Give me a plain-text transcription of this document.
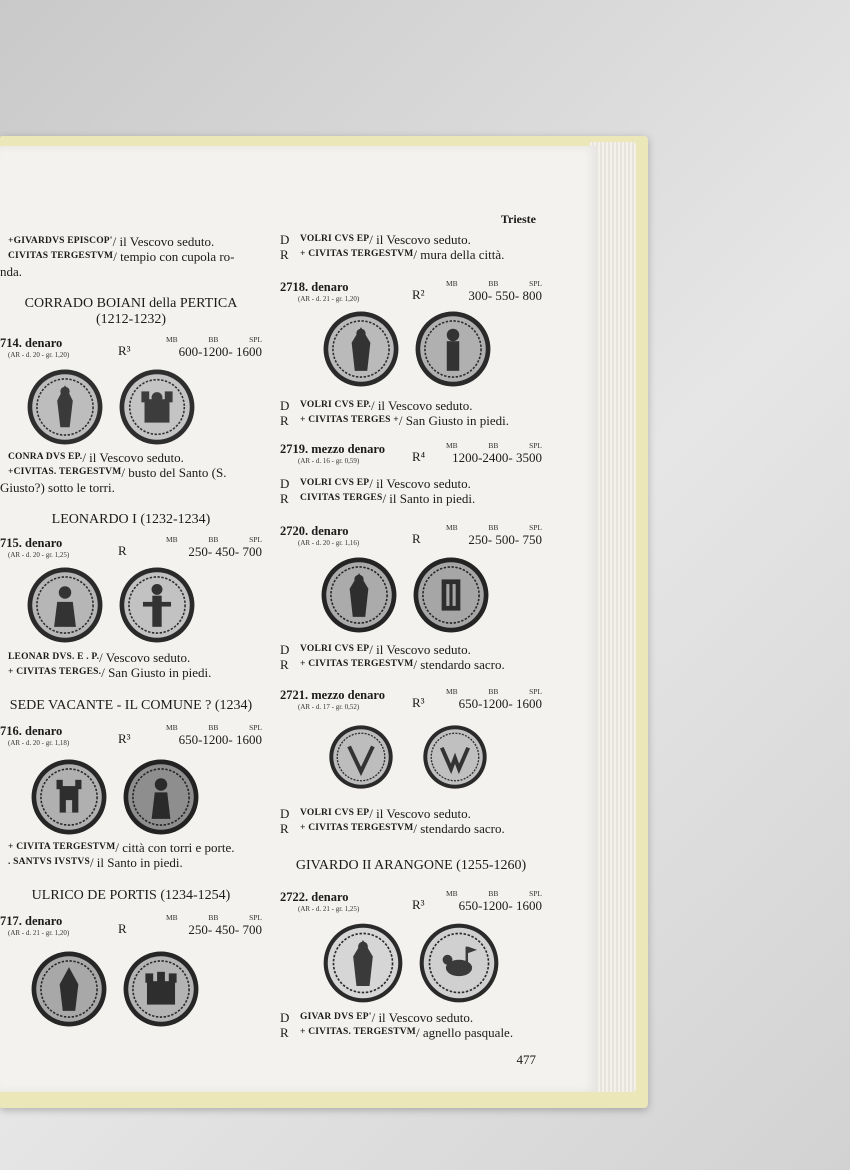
Trieste
+GIVARDVS EPISCOP' / il Vescovo seduto.
CIVITAS TERGESTVM / tempio con cupola ro-
nda.
CORRADO BOIANI della PERTICA
(1212-1232)
714. denaro
(AR - d. 20 - gr. 1,20)	R³
MB	BB	SPL
600-1200- 1600
CONRA DVS EP. / il Vescovo seduto.
+CIVITAS. TERGESTVM / busto del Santo (S.
Giusto?) sotto le torri.
LEONARDO I (1232-1234)
715. denaro
(AR - d. 20 - gr. 1,25)	R
MB	BB	SPL
250- 450- 700
LEONAR DVS. E . P. / Vescovo seduto.
+ CIVITAS TERGES. / San Giusto in piedi.
SEDE VACANTE - IL COMUNE ? (1234)
716. denaro
(AR - d. 20 - gr. 1,18)	R³
MB	BB	SPL
650-1200- 1600
+ CIVITA TERGESTVM / città con torri e porte.
. SANTVS IVSTVS / il Santo in piedi.
ULRICO DE PORTIS (1234-1254)
717. denaro
(AR - d. 21 - gr. 1,20)	R
MB	BB	SPL
250- 450- 700
D	VOLRI CVS EP / il Vescovo seduto.
R	+ CIVITAS TERGESTVM / mura della città.
2718. denaro
(AR - d. 21 - gr. 1,20)	R²
MB	BB	SPL
300- 550- 800
D	VOLRI CVS EP. / il Vescovo seduto.
R	+ CIVITAS TERGES + / San Giusto in piedi.
2719. mezzo denaro
(AR - d. 16 - gr. 0,59)	R⁴
MB	BB	SPL
1200-2400- 3500
D	VOLRI CVS EP / il Vescovo seduto.
R	CIVITAS TERGES / il Santo in piedi.
2720. denaro
(AR - d. 20 - gr. 1,16)	R
MB	BB	SPL
250- 500- 750
D	VOLRI CVS EP / il Vescovo seduto.
R	+ CIVITAS TERGESTVM / stendardo sacro.
2721. mezzo denaro
(AR - d. 17 - gr. 0,52)	R³
MB	BB	SPL
650-1200- 1600
D	VOLRI CVS EP / il Vescovo seduto.
R	+ CIVITAS TERGESTVM / stendardo sacro.
GIVARDO II ARANGONE (1255-1260)
2722. denaro
(AR - d. 21 - gr. 1,25)	R³
MB	BB	SPL
650-1200- 1600
D	GIVAR DVS EP' / il Vescovo seduto.
R	+ CIVITAS. TERGESTVM / agnello pasquale.
477
